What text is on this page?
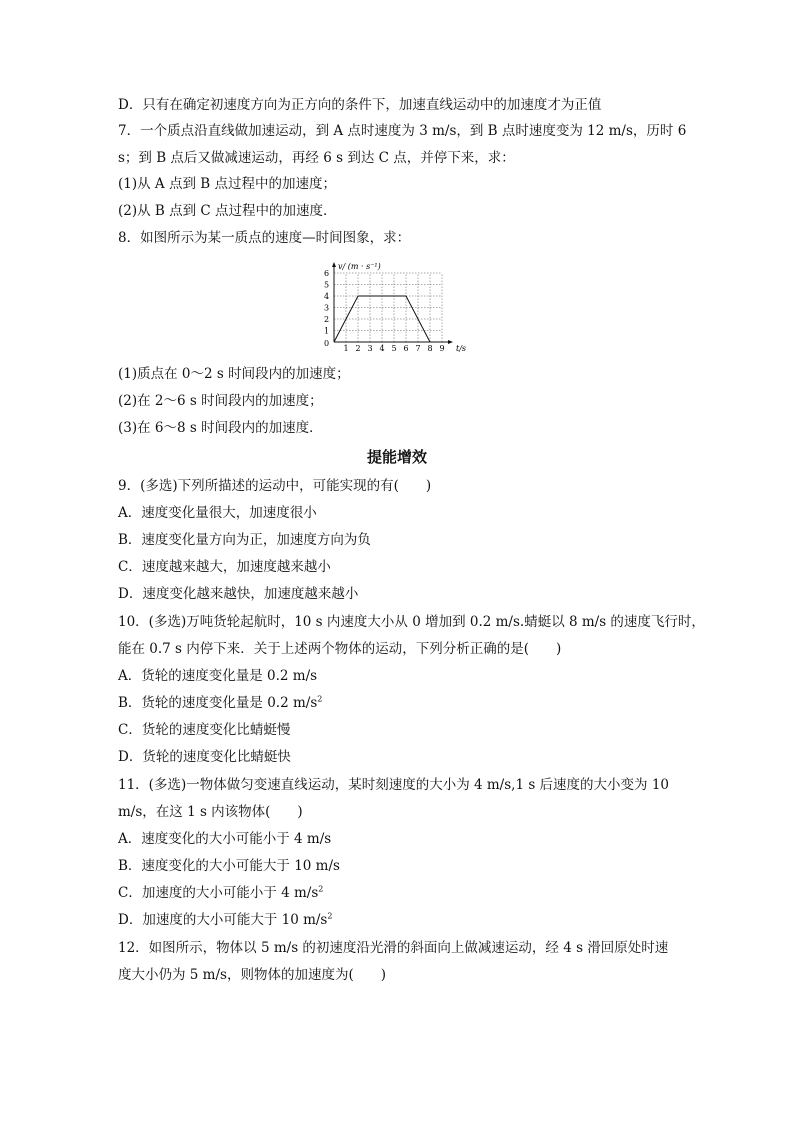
D．只有在确定初速度方向为正方向的条件下，加速直线运动中的加速度才为正值
7．一个质点沿直线做加速运动，到 A 点时速度为 3 m/s，到 B 点时速度变为 12 m/s，历时 6
s；到 B 点后又做减速运动，再经 6 s 到达 C 点，并停下来，求：
(1)从 A 点到 B 点过程中的加速度；
(2)从 B 点到 C 点过程中的加速度．
8．如图所示为某一质点的速度—时间图象，求：
1 2 3 4 5 6 7 8 9
1
2
3
4
5
6
v/ (m · s⁻¹)
t/s
0
(1)质点在 0～2 s 时间段内的加速度；
(2)在 2～6 s 时间段内的加速度；
(3)在 6～8 s 时间段内的加速度．
提能增效
9．(多选)下列所描述的运动中，可能实现的有(　　)
A．速度变化量很大，加速度很小
B．速度变化量方向为正，加速度方向为负
C．速度越来越大，加速度越来越小
D．速度变化越来越快，加速度越来越小
10．(多选)万吨货轮起航时，10 s 内速度大小从 0 增加到 0.2 m/s.蜻蜓以 8 m/s 的速度飞行时，
能在 0.7 s 内停下来．关于上述两个物体的运动，下列分析正确的是(　　)
A．货轮的速度变化量是 0.2 m/s
B．货轮的速度变化量是 0.2 $m/s^2$
C．货轮的速度变化比蜻蜓慢
D．货轮的速度变化比蜻蜓快
11．(多选)一物体做匀变速直线运动，某时刻速度的大小为 4 m/s,1 s 后速度的大小变为 10
m/s，在这 1 s 内该物体(　　)
A．速度变化的大小可能小于 4 m/s
B．速度变化的大小可能大于 10 m/s
C．加速度的大小可能小于 4 $m/s^2$
D．加速度的大小可能大于 10 $m/s^2$
12．如图所示，物体以 5 m/s 的初速度沿光滑的斜面向上做减速运动，经 4 s 滑回原处时速
度大小仍为 5 m/s，则物体的加速度为(　　)
